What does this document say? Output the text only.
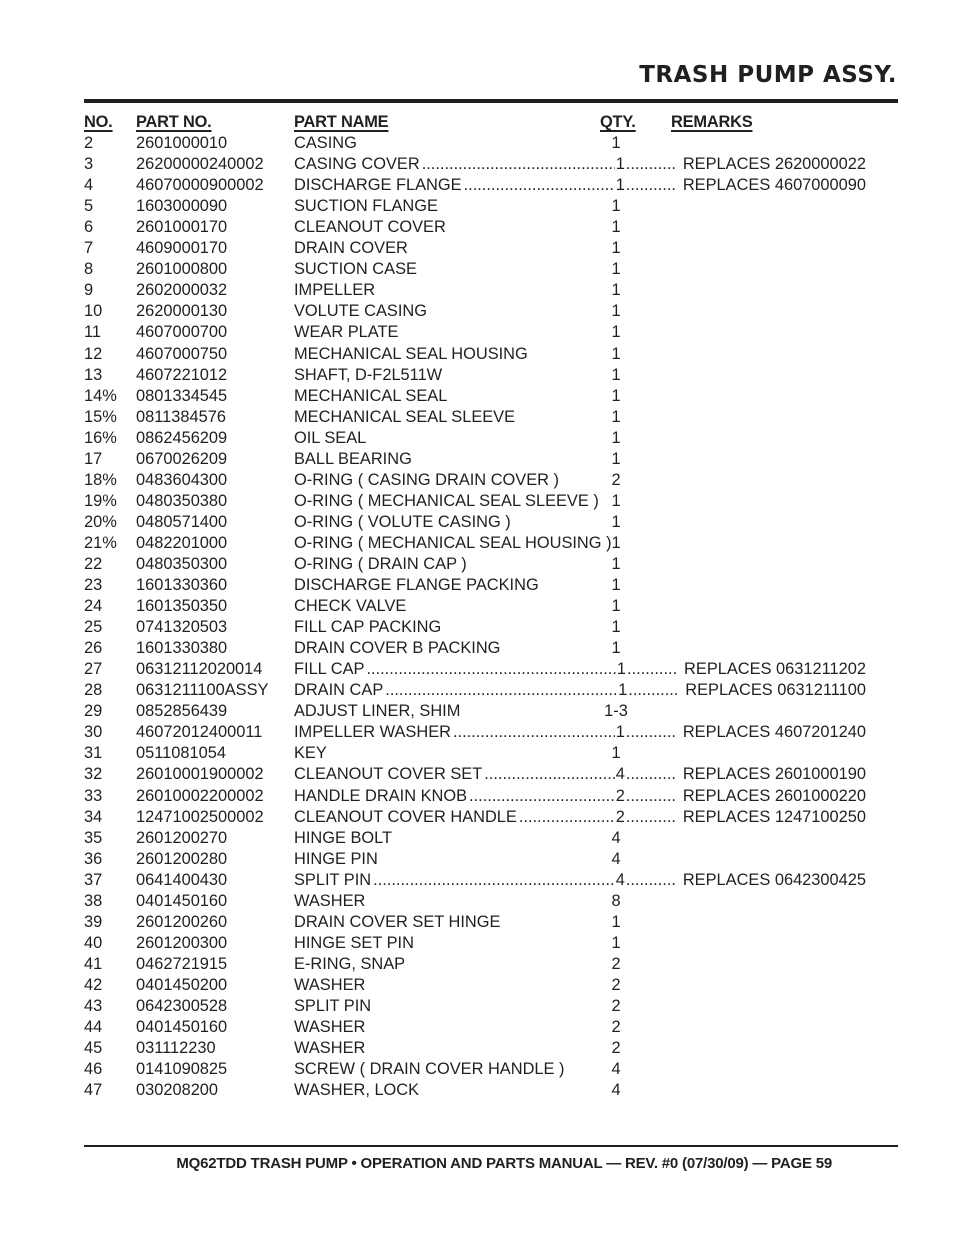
TRASH PUMP ASSY.
NO. PART NO.	PART NAME	QTY. REMARKS
2	2601000010	CASING	1
3	26200000240002 CASING COVER .....	1 .....	REPLACES 2620000022
4	46070000900002 DISCHARGE FLANGE .....	1 .....	REPLACES 4607000090
5	1603000090	SUCTION FLANGE	1
6	2601000170	CLEANOUT COVER	1
7	4609000170	DRAIN COVER	1
8	2601000800	SUCTION CASE	1
9	2602000032	IMPELLER	1
10 2620000130	VOLUTE CASING	1
11 4607000700	WEAR PLATE	1
12 4607000750	MECHANICAL SEAL HOUSING	1
13 4607221012	SHAFT, D-F2L511W	1
14% 0801334545	MECHANICAL SEAL	1
15% 0811384576	MECHANICAL SEAL SLEEVE	1
16% 0862456209	OIL SEAL	1
17 0670026209	BALL BEARING	1
18% 0483604300	O-RING ( CASING DRAIN COVER )	2
19% 0480350380	O-RING ( MECHANICAL SEAL SLEEVE ) 1
20% 0480571400	O-RING ( VOLUTE CASING )	1
21% 0482201000	O-RING ( MECHANICAL SEAL HOUSING ) 1
22 0480350300	O-RING ( DRAIN CAP )	1
23 1601330360	DISCHARGE FLANGE PACKING	1
24 1601350350	CHECK VALVE	1
25 0741320503	FILL CAP PACKING	1
26 1601330380	DRAIN COVER B PACKING	1
27 06312112020014 FILL CAP .....	1 .....	REPLACES 0631211202
28 0631211100ASSY DRAIN CAP .....	1 .....	REPLACES 0631211100
29 0852856439	ADJUST LINER, SHIM	1-3
30 46072012400011 IMPELLER WASHER .....	1 .....	REPLACES 4607201240
31 0511081054	KEY	1
32 26010001900002 CLEANOUT COVER SET .....	4 .....	REPLACES 2601000190
33 26010002200002 HANDLE DRAIN KNOB .....	2 .....	REPLACES 2601000220
34 12471002500002 CLEANOUT COVER HANDLE .....	2 .....	REPLACES 1247100250
35 2601200270	HINGE BOLT	4
36 2601200280	HINGE PIN	4
37 0641400430	SPLIT PIN .....	4 .....	REPLACES 0642300425
38 0401450160	WASHER	8
39 2601200260	DRAIN COVER SET HINGE	1
40 2601200300	HINGE SET PIN	1
41 0462721915	E-RING, SNAP	2
42 0401450200	WASHER	2
43 0642300528	SPLIT PIN	2
44 0401450160	WASHER	2
45 031112230	WASHER	2
46 0141090825	SCREW ( DRAIN COVER HANDLE )	4
47 030208200	WASHER, LOCK	4
MQ62TDD TRASH PUMP • OPERATION AND PARTS MANUAL — REV. #0 (07/30/09) — PAGE 59
